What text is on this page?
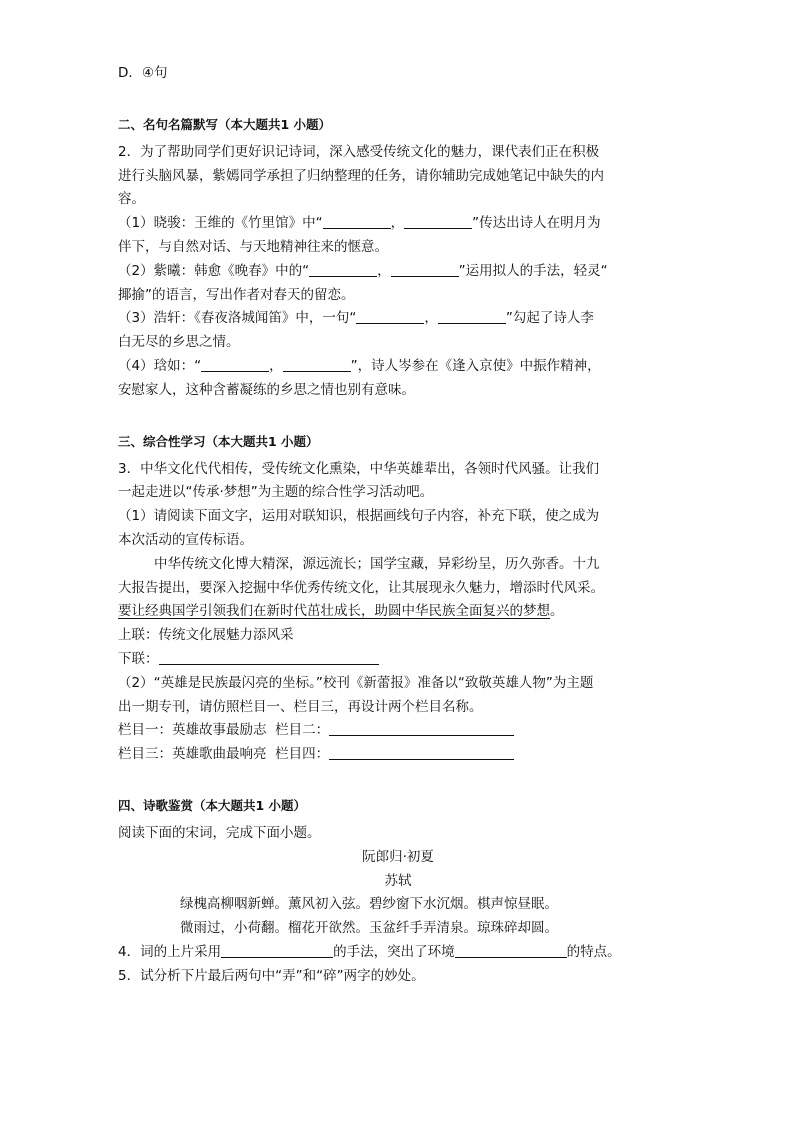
D．④句
二、名句名篇默写（本大题共1 小题）
2．为了帮助同学们更好识记诗词，深入感受传统文化的魅力，课代表们正在积极
进行头脑风暴，紫嫣同学承担了归纳整理的任务，请你辅助完成她笔记中缺失的内
容。
（1）晓骏：王维的《竹里馆》中“	，	”传达出诗人在明月为
伴下，与自然对话、与天地精神往来的惬意。
（2）紫曦：韩愈《晚春》中的“	，	”运用拟人的手法，轻灵“
揶揄”的语言，写出作者对春天的留恋。
（3）浩轩：《春夜洛城闻笛》中，一句“	，	”勾起了诗人李
白无尽的乡思之情。
（4）琀如：“	，	”，诗人岑参在《逢入京使》中振作精神，
安慰家人，这种含蓄凝练的乡思之情也别有意味。
三、综合性学习（本大题共1 小题）
3．中华文化代代相传，受传统文化熏染，中华英雄辈出，各领时代风骚。让我们
一起走进以“传承·梦想”为主题的综合性学习活动吧。
（1）请阅读下面文字，运用对联知识，根据画线句子内容，补充下联，使之成为
本次活动的宣传标语。
中华传统文化博大精深，源远流长；国学宝藏，异彩纷呈，历久弥香。十九
大报告提出，要深入挖掘中华优秀传统文化，让其展现永久魅力，增添时代风采。
要让经典国学引领我们在新时代茁壮成长，助圆中华民族全面复兴的梦想。
上联：传统文化展魅力添风采
下联：
（2）“英雄是民族最闪亮的坐标。”校刊《新蕾报》准备以“致敬英雄人物”为主题
出一期专刊，请仿照栏目一、栏目三，再设计两个栏目名称。
栏目一：英雄故事最励志  栏目二：
栏目三：英雄歌曲最响亮  栏目四：
四、诗歌鉴赏（本大题共1 小题）
阅读下面的宋词，完成下面小题。
阮郎归·初夏
苏轼
绿槐高柳咽新蝉。薰风初入弦。碧纱窗下水沉烟。棋声惊昼眠。
微雨过，小荷翻。榴花开欲然。玉盆纤手弄清泉。琼珠碎却圆。
4．词的上片采用	的手法，突出了环境	的特点。
5．试分析下片最后两句中“弄”和“碎”两字的妙处。
